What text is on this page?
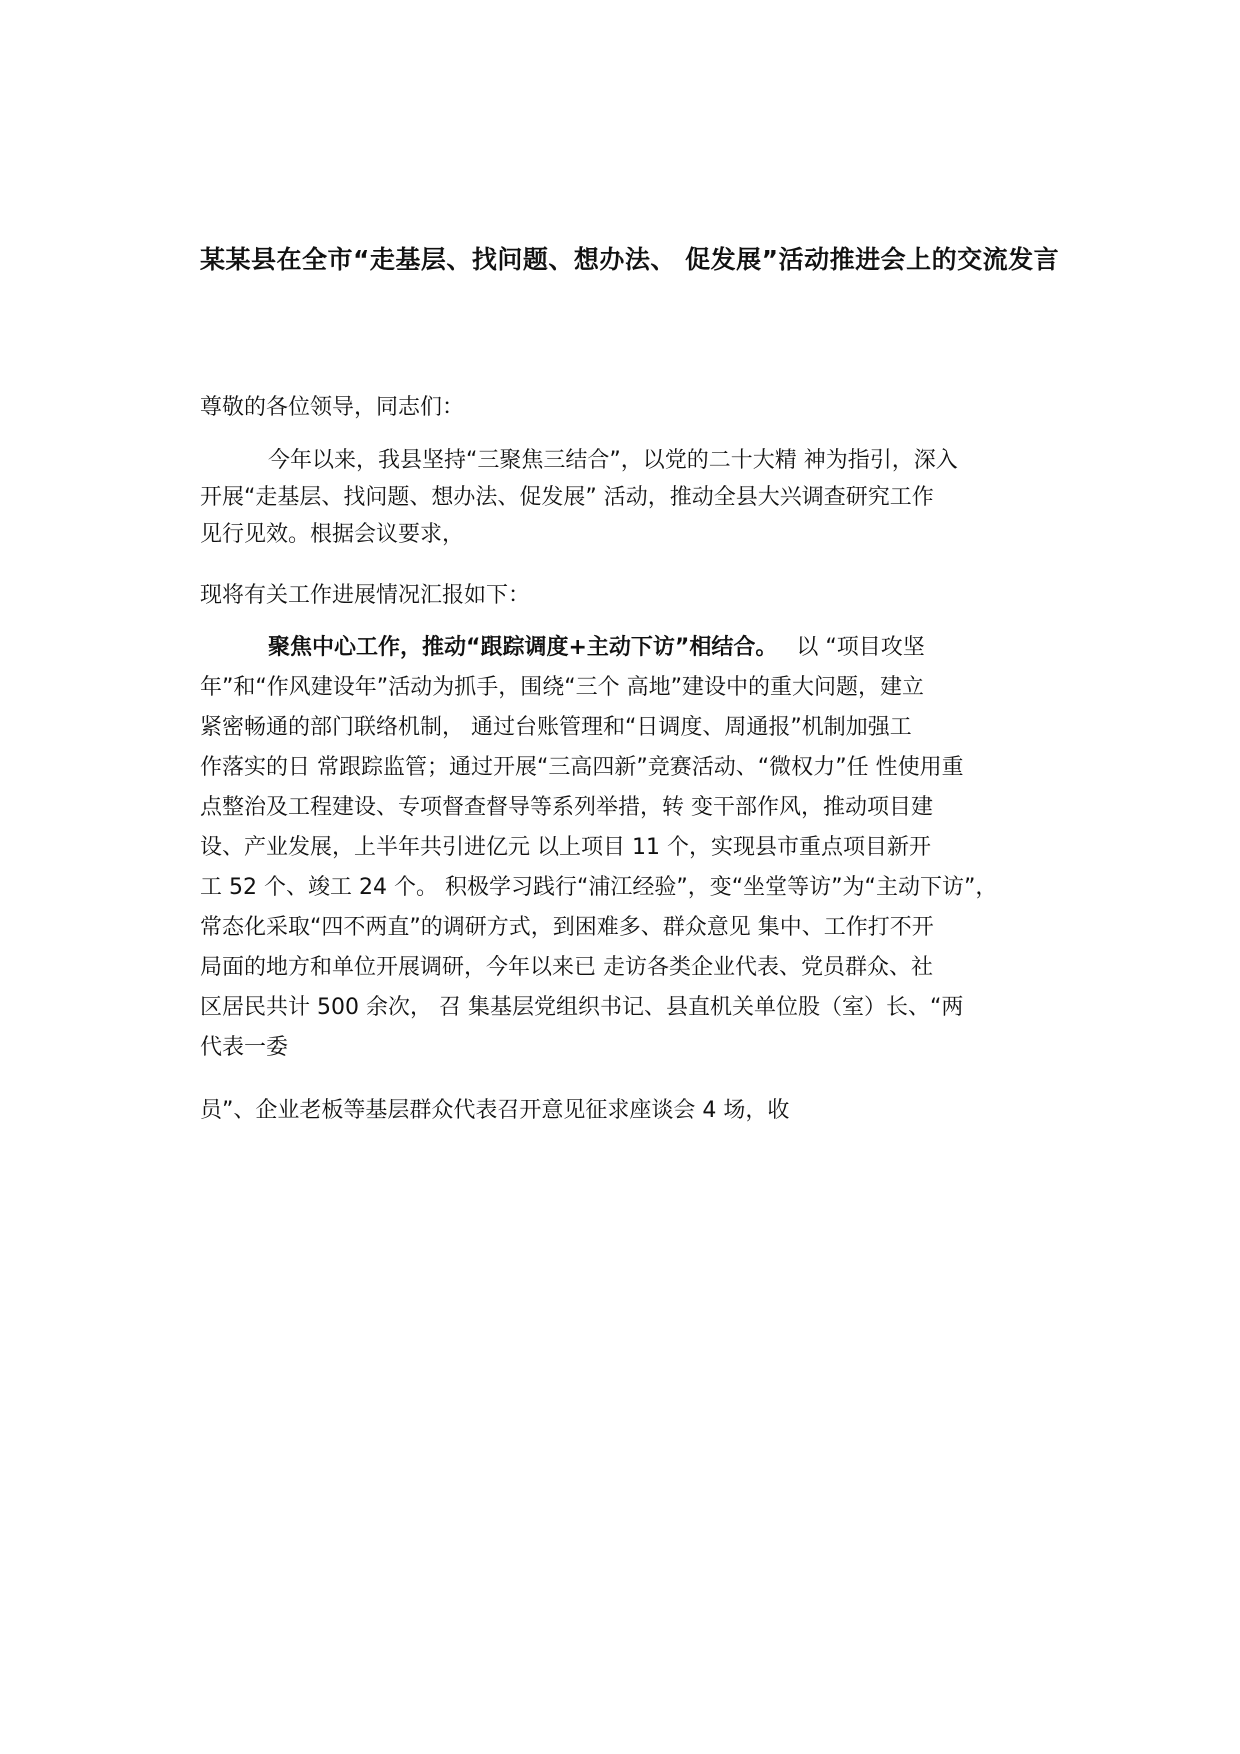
某某县在全市“走基层、找问题、想办法、 促发展”活动推进会上的交流发言
尊敬的各位领导，同志们：
今年以来，我县坚持“三聚焦三结合”，以党的二十大精 神为指引，深入
开展“走基层、找问题、想办法、促发展” 活动，推动全县大兴调查研究工作
见行见效。根据会议要求，
现将有关工作进展情况汇报如下：
聚焦中心工作，推动“跟踪调度+主动下访”相结合。 以 “项目攻坚
年”和“作风建设年”活动为抓手，围绕“三个 高地”建设中的重大问题，建立
紧密畅通的部门联络机制， 通过台账管理和“日调度、周通报”机制加强工
作落实的日 常跟踪监管；通过开展“三高四新”竞赛活动、“微权力”任 性使用重
点整治及工程建设、专项督查督导等系列举措，转 变干部作风，推动项目建
设、产业发展，上半年共引进亿元 以上项目 11 个，实现县市重点项目新开
工 52 个、竣工 24 个。 积极学习践行“浦江经验”，变“坐堂等访”为“主动下访”，
常态化采取“四不两直”的调研方式，到困难多、群众意见 集中、工作打不开
局面的地方和单位开展调研，今年以来已 走访各类企业代表、党员群众、社
区居民共计 500 余次， 召 集基层党组织书记、县直机关单位股（室）长、“两
代表一委
员”、企业老板等基层群众代表召开意见征求座谈会 4 场，收
